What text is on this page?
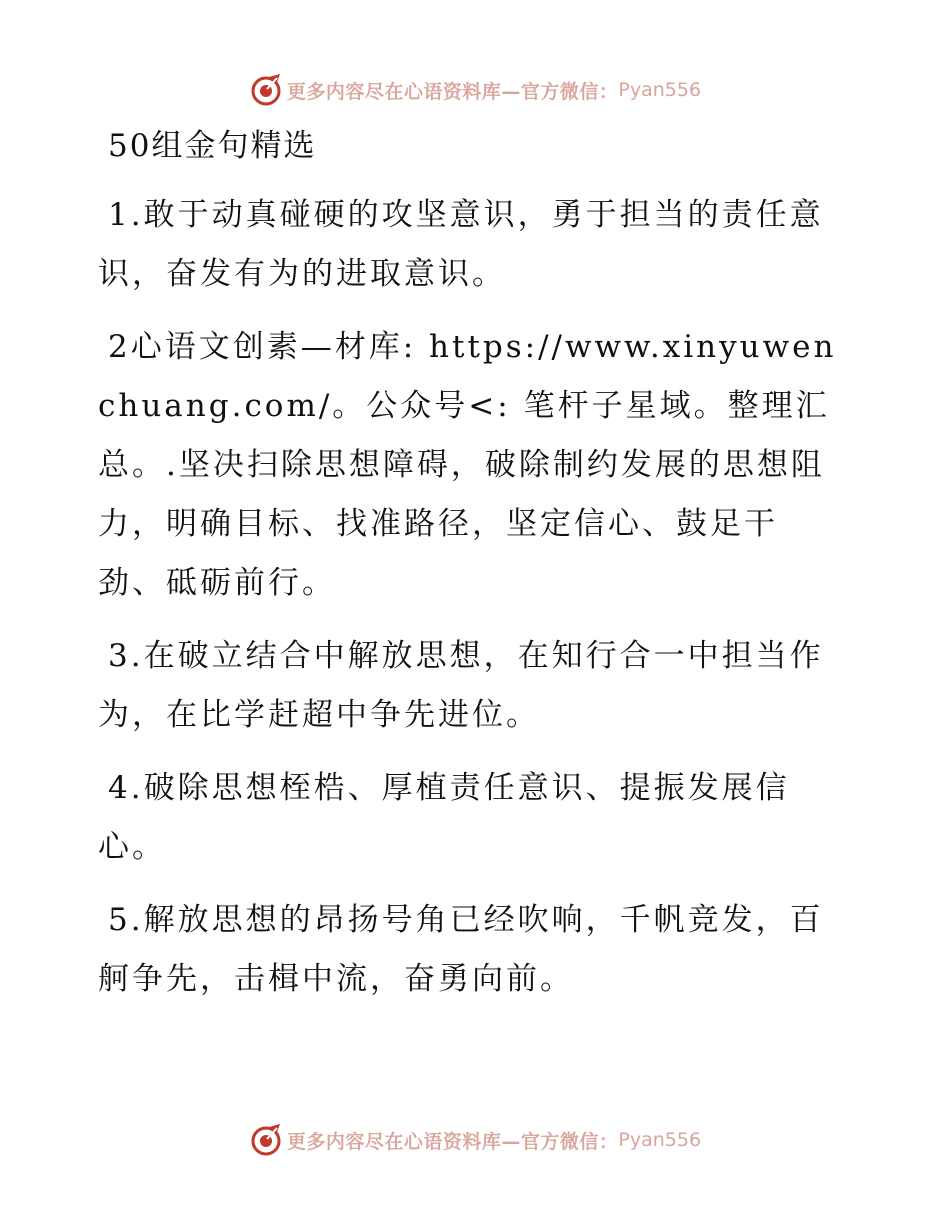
更多内容尽在心语资料库—官方微信： Pyan556
50组金句精选

1.敢于动真碰硬的攻坚意识，勇于担当的责任意识，奋发有为的进取意识。

2心语文创素—材库: https://www.xinyuwenchuang.com/。公众号<: 笔杆子星域。整理汇总。.坚决扫除思想障碍，破除制约发展的思想阻力，明确目标、找准路径，坚定信心、鼓足干劲、砥砺前行。

3.在破立结合中解放思想，在知行合一中担当作为，在比学赶超中争先进位。

4.破除思想桎梏、厚植责任意识、提振发展信心。

5.解放思想的昂扬号角已经吹响，千帆竞发，百舸争先，击楫中流，奋勇向前。

更多内容尽在心语资料库—官方微信： Pyan556
